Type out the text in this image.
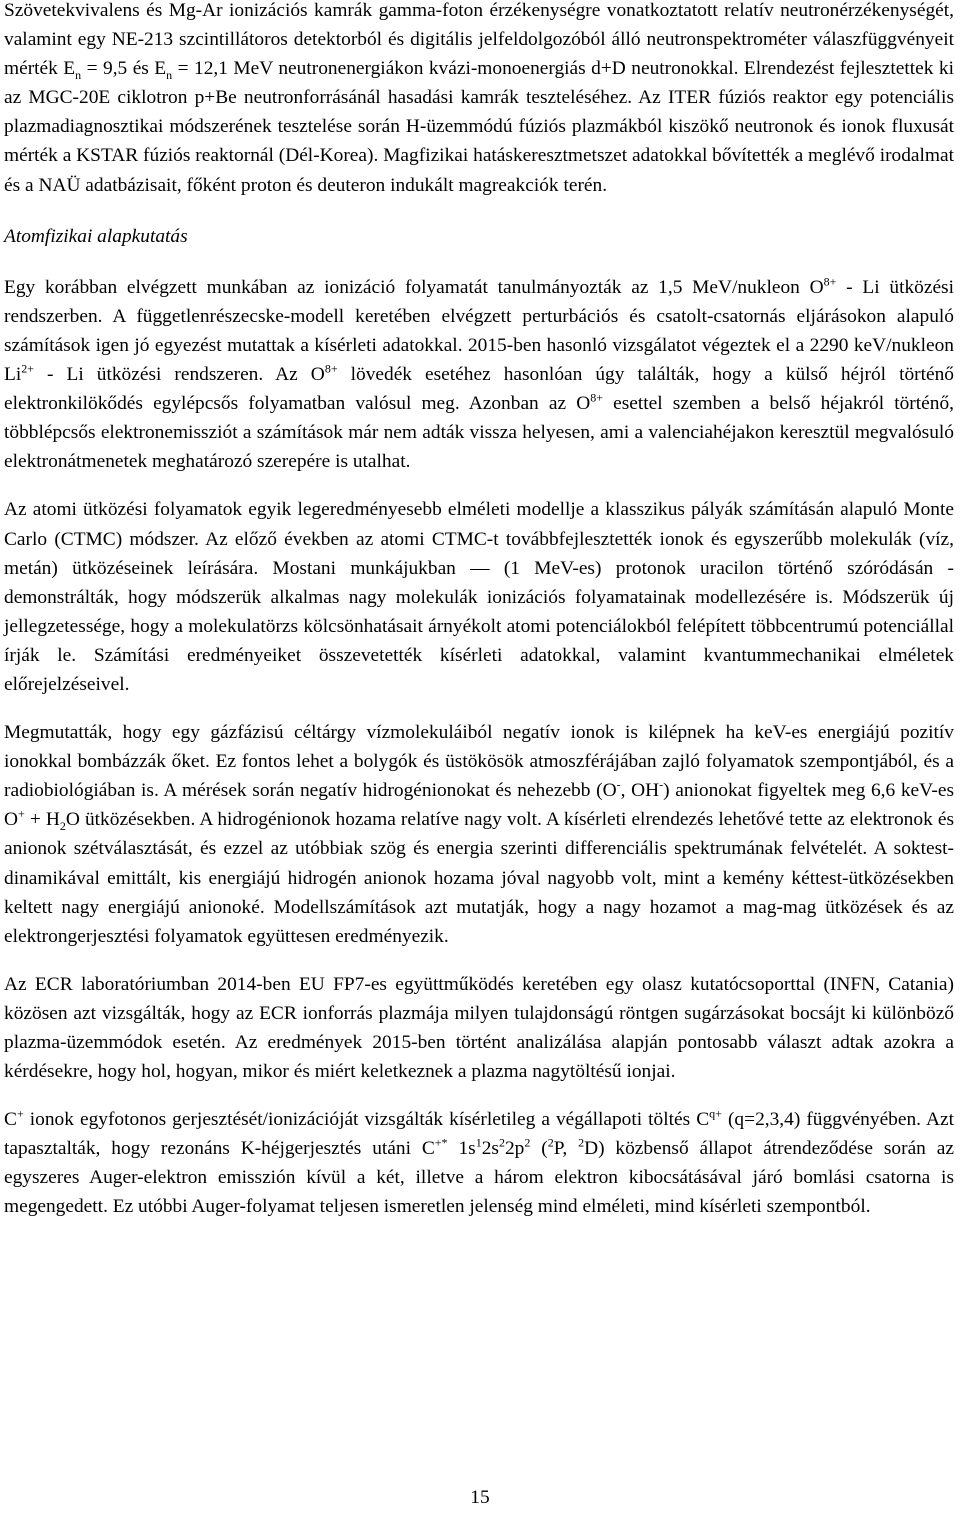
Szövetekvivalens és Mg-Ar ionizációs kamrák gamma-foton érzékenységre vonatkoztatott relatív neutronérzékenységét, valamint egy NE-213 szcintillátoros detektorból és digitális jelfeldolgozóból álló neutronspektrométer válaszfüggvényeit mérték $E_n = 9,5$ és $E_n = 12,1$ MeV neutronenergiákon kvázi-monoenergiás d+D neutronokkal. Elrendezést fejlesztettek ki az MGC-20E ciklotron p+Be neutronforrásánál hasadási kamrák teszteléséhez. Az ITER fúziós reaktor egy potenciális plazmadiagnosztikai módszerének tesztelése során H-üzemmódú fúziós plazmákból kiszökő neutronok és ionok fluxusát mérték a KSTAR fúziós reaktornál (Dél-Korea). Magfizikai hatáskeresztmetszet adatokkal bővítették a meglévő irodalmat és a NAÜ adatbázisait, főként proton és deuteron indukált magreakciók terén.

Atomfizikai alapkutatás

Egy korábban elvégzett munkában az ionizáció folyamatát tanulmányozták az 1,5 MeV/nukleon $O^{8+}$ - Li ütközési rendszerben. A függetlenrészecske-modell keretében elvégzett perturbációs és csatolt-csatornás eljárásokon alapuló számítások igen jó egyezést mutattak a kísérleti adatokkal. 2015-ben hasonló vizsgálatot végeztek el a 2290 keV/nukleon $Li^{2+}$ - Li ütközési rendszeren. Az $O^{8+}$ lövedék esetéhez hasonlóan úgy találták, hogy a külső héjról történő elektronkilökődés egylépcsős folyamatban valósul meg. Azonban az $O^{8+}$ esettel szemben a belső héjakról történő, többlépcsős elektronemissziót a számítások már nem adták vissza helyesen, ami a valenciahéjakon keresztül megvalósuló elektronátmenetek meghatározó szerepére is utalhat.

Az atomi ütközési folyamatok egyik legeredményesebb elméleti modellje a klasszikus pályák számításán alapuló Monte Carlo (CTMC) módszer. Az előző években az atomi CTMC-t továbbfejlesztették ionok és egyszerűbb molekulák (víz, metán) ütközéseinek leírására. Mostani munkájukban — (1 MeV-es) protonok uracilon történő szóródásán - demonstrálták, hogy módszerük alkalmas nagy molekulák ionizációs folyamatainak modellezésére is. Módszerük új jellegzetessége, hogy a molekulatörzs kölcsönhatásait árnyékolt atomi potenciálokból felépített többcentrumú potenciállal írják le. Számítási eredményeiket összevetették kísérleti adatokkal, valamint kvantummechanikai elméletek előrejelzéseivel.

Megmutatták, hogy egy gázfázisú céltárgy vízmolekuláiból negatív ionok is kilépnek ha keV-es energiájú pozitív ionokkal bombázzák őket. Ez fontos lehet a bolygók és üstökösök atmoszférájában zajló folyamatok szempontjából, és a radiobiológiában is. A mérések során negatív hidrogénionokat és nehezebb (O-, OH-) anionokat figyeltek meg 6,6 keV-es $O^+ + H_2O$ ütközésekben. A hidrogénionok hozama relatíve nagy volt. A kísérleti elrendezés lehetővé tette az elektronok és anionok szétválasztását, és ezzel az utóbbiak szög és energia szerinti differenciális spektrumának felvételét. A soktest-dinamikával emittált, kis energiájú hidrogén anionok hozama jóval nagyobb volt, mint a kemény kéttest-ütközésekben keltett nagy energiájú anionoké. Modellszámítások azt mutatják, hogy a nagy hozamot a mag-mag ütközések és az elektrongerjesztési folyamatok együttesen eredményezik.

Az ECR laboratóriumban 2014-ben EU FP7-es együttműködés keretében egy olasz kutatócsoporttal (INFN, Catania) közösen azt vizsgálták, hogy az ECR ionforrás plazmája milyen tulajdonságú röntgen sugárzásokat bocsájt ki különböző plazma-üzemmódok esetén. Az eredmények 2015-ben történt analizálása alapján pontosabb választ adtak azokra a kérdésekre, hogy hol, hogyan, mikor és miért keletkeznek a plazma nagytöltésű ionjai.

C+ ionok egyfotonos gerjesztését/ionizációját vizsgálták kísérletileg a végállapoti töltés $C^{q+}$ (q=2,3,4) függvényében. Azt tapasztalták, hogy rezonáns K-héjgerjesztés utáni C+* $1s^12s^22p^2$ ($^2$P, $^2$D) közbenső állapot átrendeződése során az egyszeres Auger-elektron emisszión kívül a két, illetve a három elektron kibocsátásával járó bomlási csatorna is megengedett. Ez utóbbi Auger-folyamat teljesen ismeretlen jelenség mind elméleti, mind kísérleti szempontból.

15
